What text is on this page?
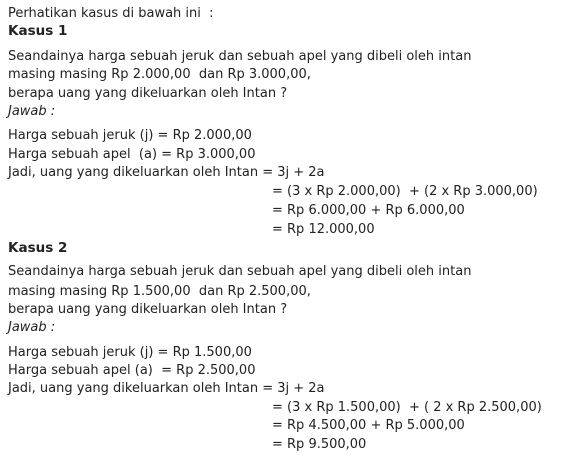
Perhatikan kasus di bawah ini  :
Kasus 1
Seandainya harga sebuah jeruk dan sebuah apel yang dibeli oleh intan
masing masing Rp 2.000,00  dan Rp 3.000,00,
berapa uang yang dikeluarkan oleh Intan ?
Jawab :
Harga sebuah jeruk (j) = Rp 2.000,00
Harga sebuah apel  (a) = Rp 3.000,00
Jadi, uang yang dikeluarkan oleh Intan = 3j + 2a
= (3 x Rp 2.000,00)  + (2 x Rp 3.000,00)
= Rp 6.000,00 + Rp 6.000,00
= Rp 12.000,00
Kasus 2
Seandainya harga sebuah jeruk dan sebuah apel yang dibeli oleh intan
masing masing Rp 1.500,00  dan Rp 2.500,00,
berapa uang yang dikeluarkan oleh Intan ?
Jawab :
Harga sebuah jeruk (j) = Rp 1.500,00
Harga sebuah apel (a)  = Rp 2.500,00
Jadi, uang yang dikeluarkan oleh Intan = 3j + 2a
= (3 x Rp 1.500,00)  + ( 2 x Rp 2.500,00)
= Rp 4.500,00 + Rp 5.000,00
= Rp 9.500,00
